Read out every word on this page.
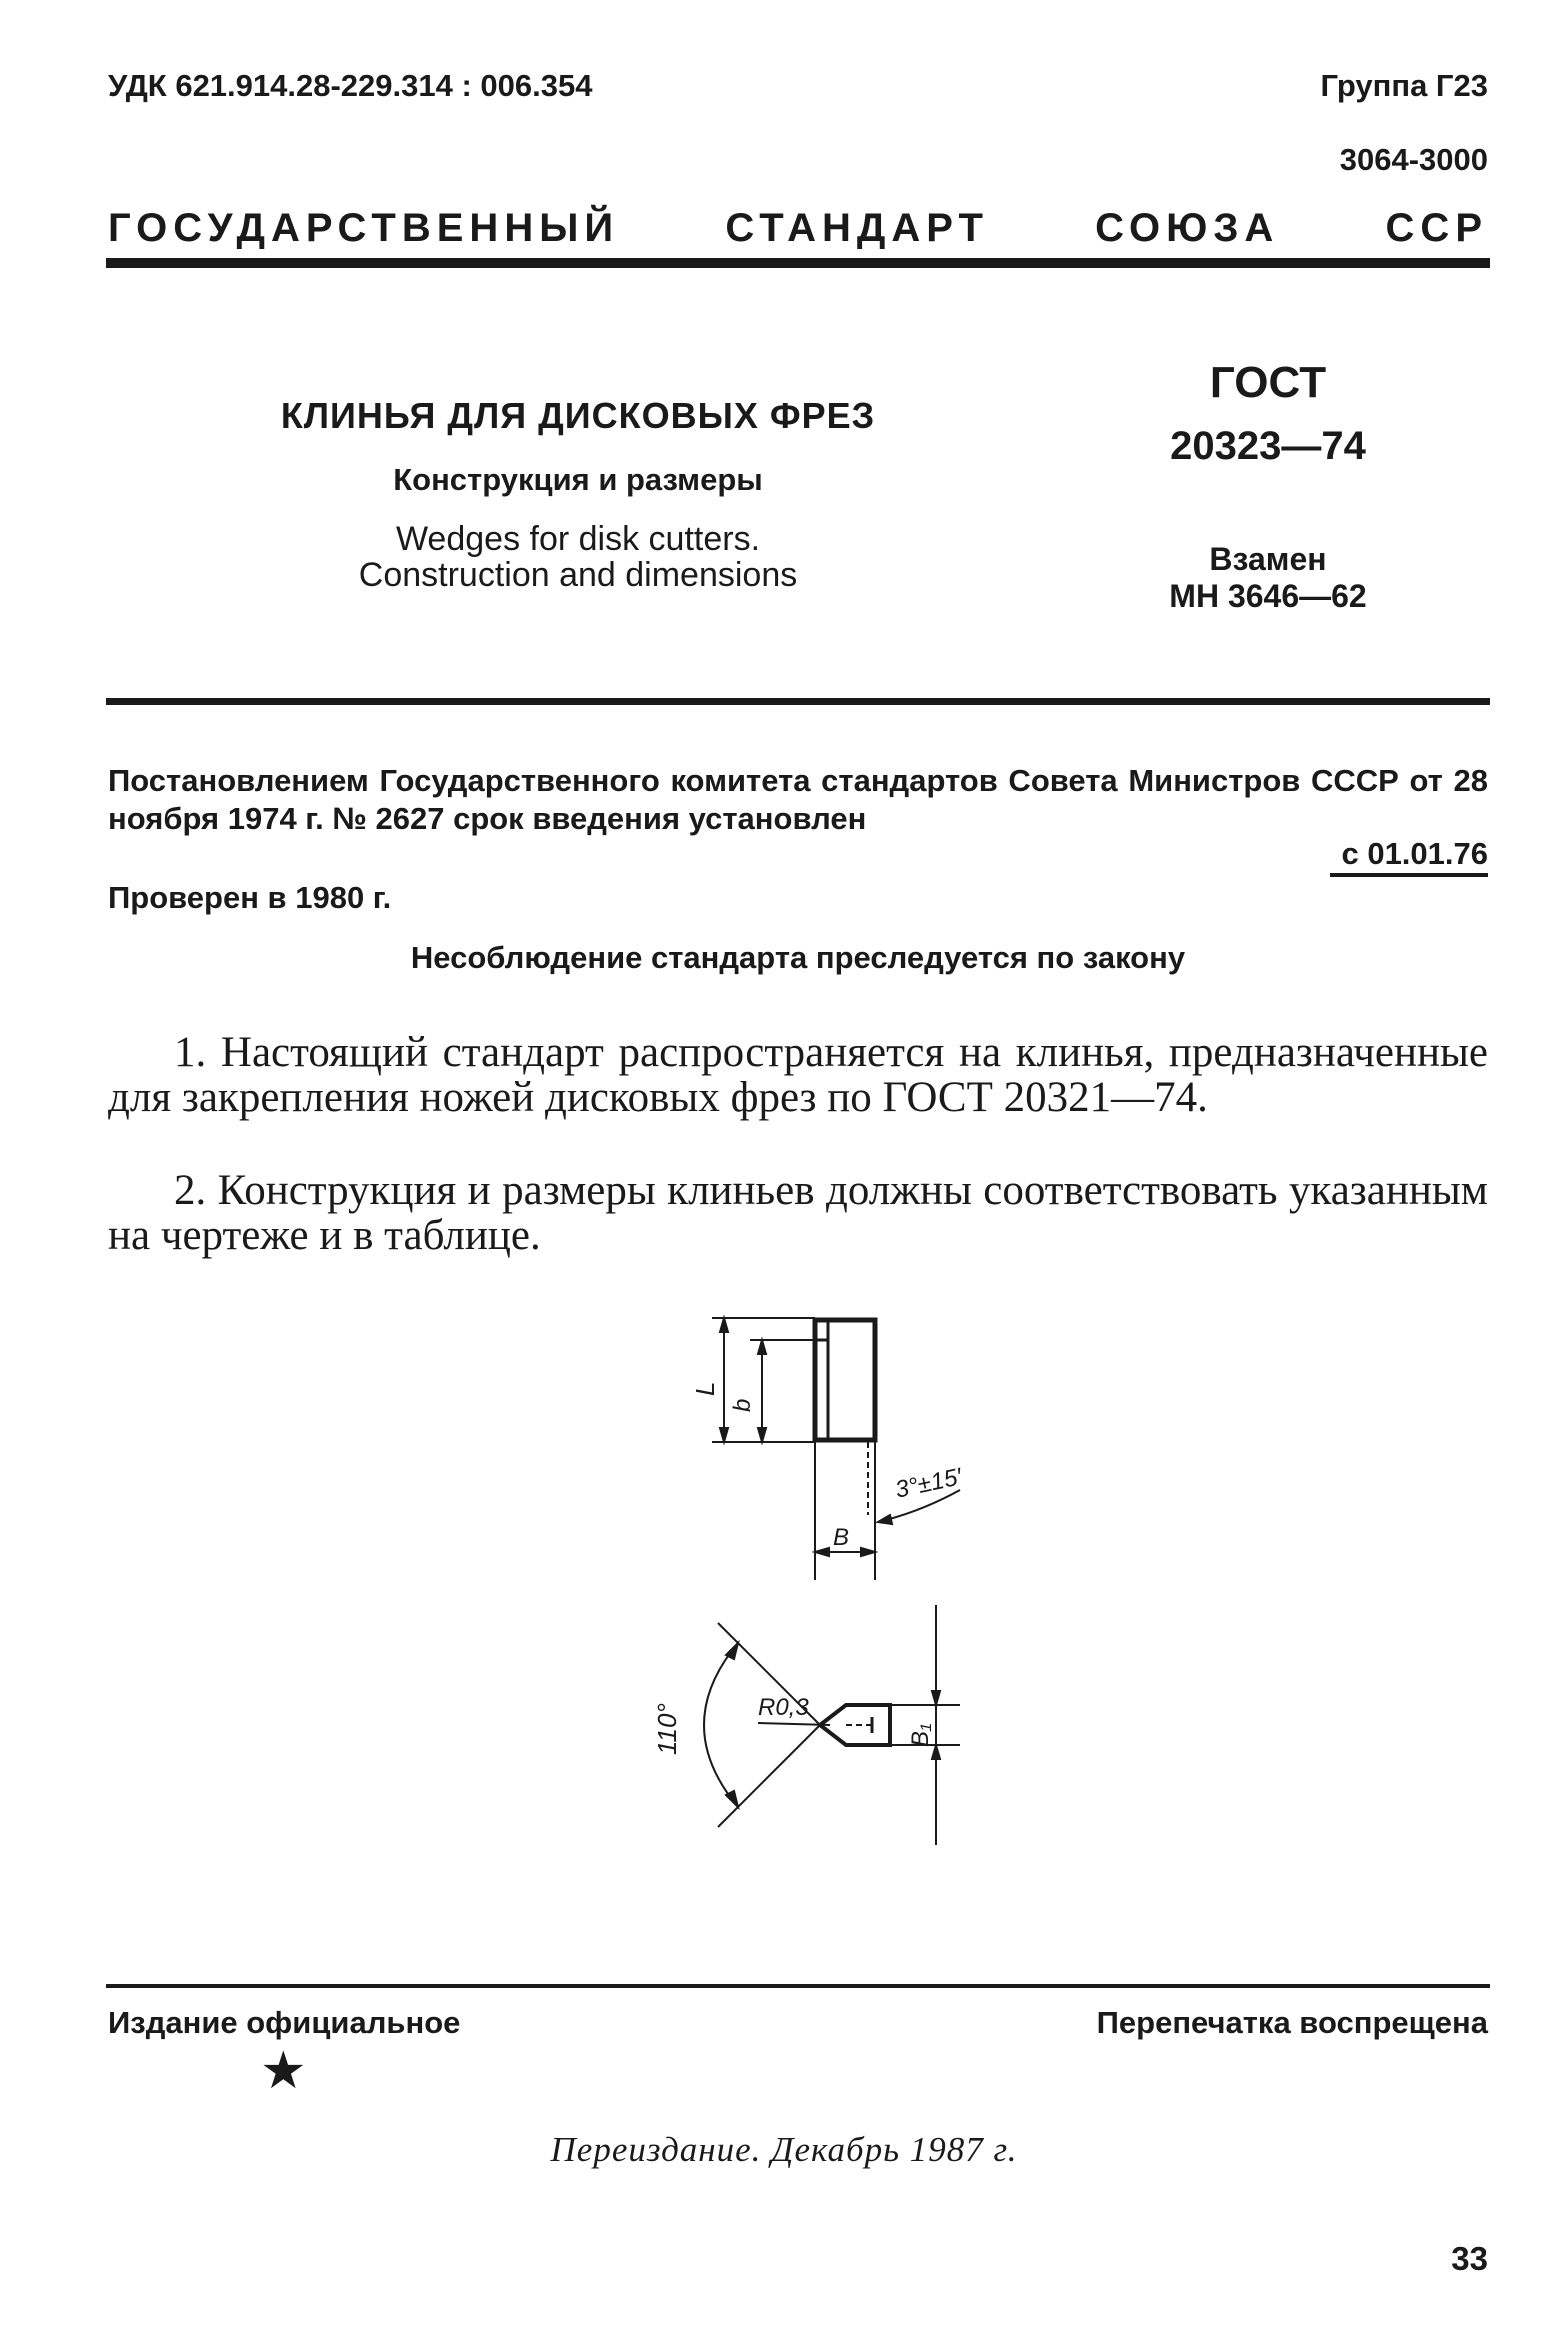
УДК 621.914.28-229.314 : 006.354	Группа Г23
3064-3000
ГОСУДАРСТВЕННЫЙ СТАНДАРТ СОЮЗА ССР
КЛИНЬЯ ДЛЯ ДИСКОВЫХ ФРЕЗ
Конструкция и размеры
Wedges for disk cutters.
Construction and dimensions
ГОСТ
20323—74
Взамен
МН 3646—62
Постановлением Государственного комитета стандартов Совета Министров СССР от 28 ноября 1974 г. № 2627 срок введения установлен
с 01.01.76
Проверен в 1980 г.
Несоблюдение стандарта преследуется по закону
1. Настоящий стандарт распространяется на клинья, предназначенные для закрепления ножей дисковых фрез по ГОСТ 20321—74.
2. Конструкция и размеры клиньев должны соответствовать указанным на чертеже и в таблице.
L
b
B
3°±15′
110°	R0,3
B₁
Издание официальное	Перепечатка воспрещена
★
Переиздание. Декабрь 1987 г.
33
